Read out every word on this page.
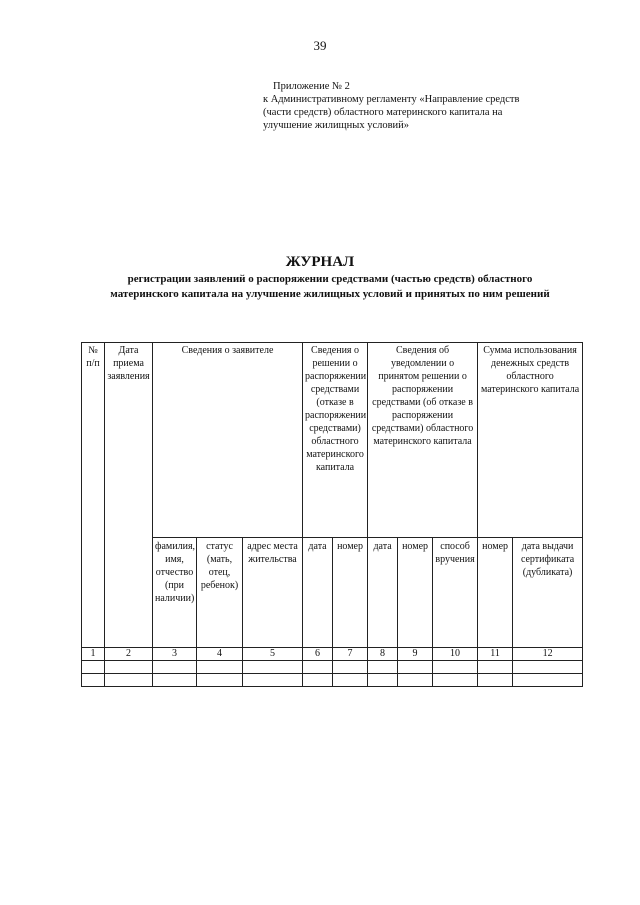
39
Приложение № 2
к Административному регламенту «Направление средств
(части средств) областного материнского капитала на
улучшение жилищных условий»
ЖУРНАЛ
регистрации заявлений о распоряжении средствами (частью средств) областного материнского капитала на улучшение жилищных условий и принятых по ним решений
№ п/п	Дата приема заявления	Сведения о заявителе			Сведения о решении о распоряжении средствами (отказе в распоряжении средствами) областного материнского капитала		Сведения об уведомлении о принятом решении о распоряжении средствами (об отказе в распоряжении средствами) областного материнского капитала			Сумма использования денежных средств областного материнского капитала	
		фамилия, имя, отчество (при наличии)	статус (мать, отец, ребенок)	адрес места жительства	дата	номер	дата	номер	способ вручения	номер	дата выдачи сертификата (дубликата)
1	2	3	4	5	6	7	8	9	10	11	12
